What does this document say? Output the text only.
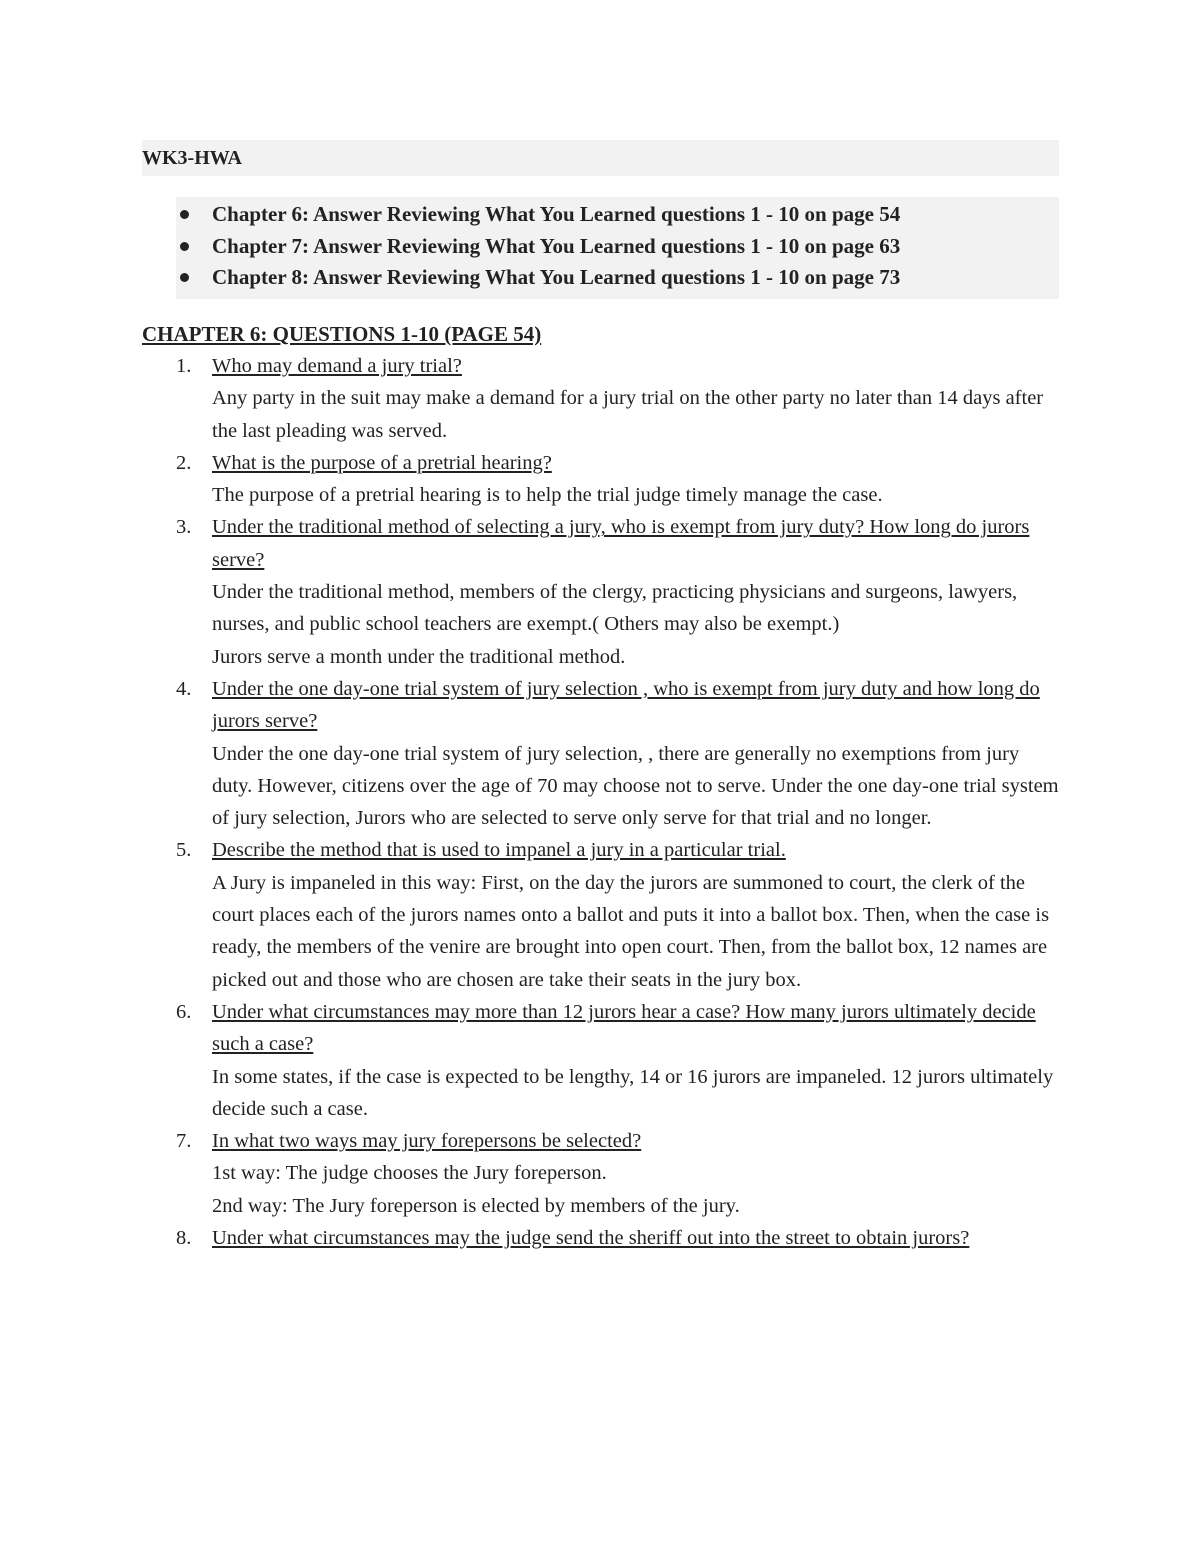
WK3-HWA
Chapter 6: Answer Reviewing What You Learned questions 1 - 10 on page 54
Chapter 7: Answer Reviewing What You Learned questions 1 - 10 on page 63
Chapter 8: Answer Reviewing What You Learned questions 1 - 10 on page 73
CHAPTER 6: QUESTIONS 1-10 (PAGE 54)
1. Who may demand a jury trial?
Any party in the suit may make a demand for a jury trial on the other party no later than 14 days after the last pleading was served.
2. What is the purpose of a pretrial hearing?
The purpose of a pretrial hearing is to help the trial judge timely manage the case.
3. Under the traditional method of selecting a jury, who is exempt from jury duty? How long do jurors serve?
Under the traditional method, members of the clergy, practicing physicians and surgeons, lawyers, nurses, and public school teachers are exempt.( Others may also be exempt.)
Jurors serve a month under the traditional method.
4. Under the one day-one trial system of jury selection , who is exempt from jury duty and how long do jurors serve?
Under the one day-one trial system of jury selection, , there are generally no exemptions from jury duty. However, citizens over the age of 70 may choose not to serve. Under the one day-one trial system of jury selection, Jurors who are selected to serve only serve for that trial and no longer.
5. Describe the method that is used to impanel a jury in a particular trial.
A Jury is impaneled in this way: First, on the day the jurors are summoned to court, the clerk of the court places each of the jurors names onto a ballot and puts it into a ballot box. Then, when the case is ready, the members of the venire are brought into open court. Then, from the ballot box, 12 names are picked out and those who are chosen are take their seats in the jury box.
6. Under what circumstances may more than 12 jurors hear a case? How many jurors ultimately decide such a case?
In some states, if the case is expected to be lengthy, 14 or 16 jurors are impaneled. 12 jurors ultimately decide such a case.
7. In what two ways may jury forepersons be selected?
1st way: The judge chooses the Jury foreperson.
2nd way: The Jury foreperson is elected by members of the jury.
8. Under what circumstances may the judge send the sheriff out into the street to obtain jurors?
